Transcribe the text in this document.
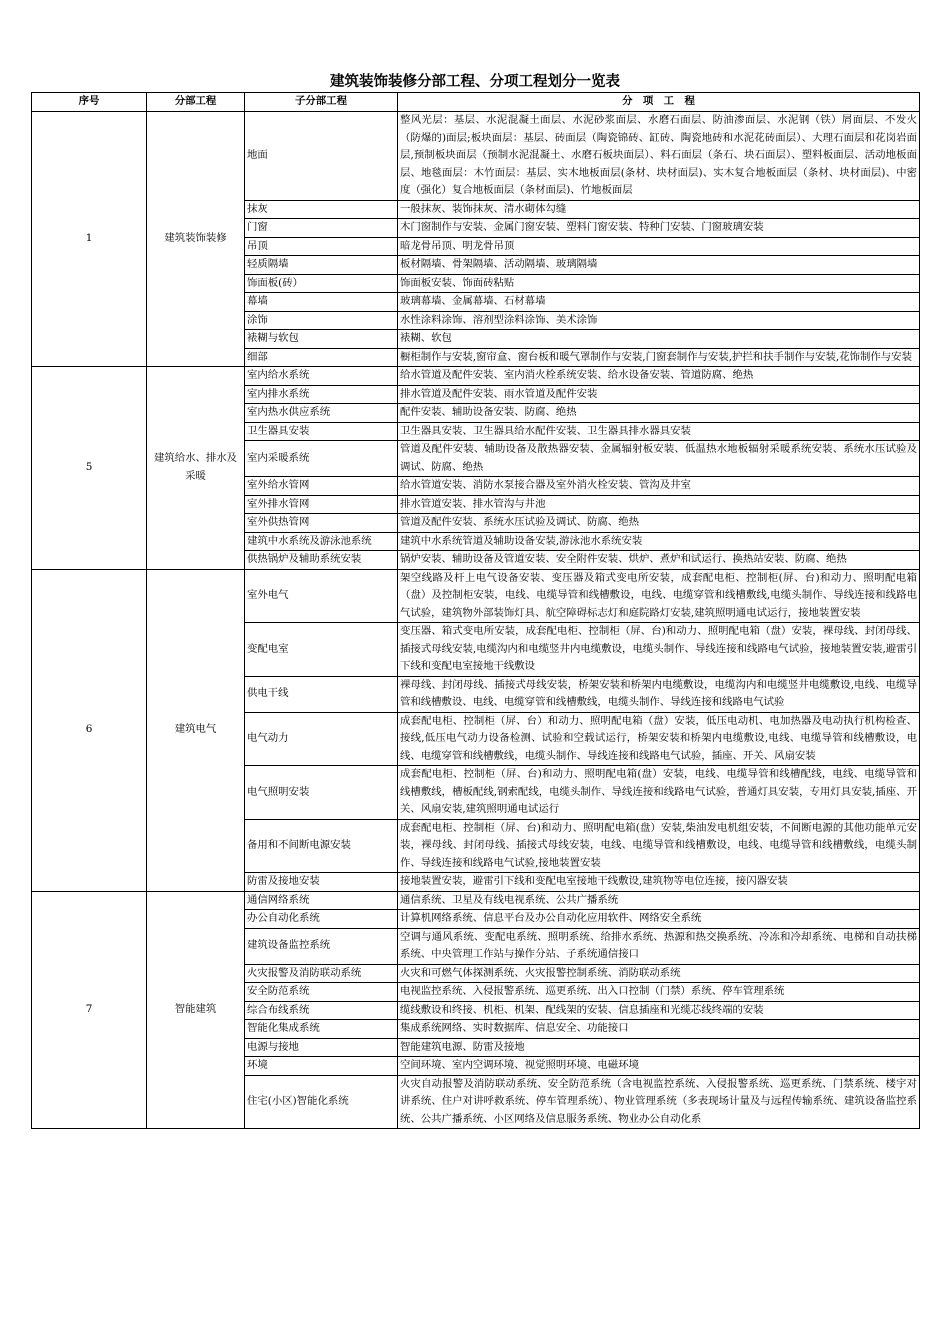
建筑装饰装修分部工程、分项工程划分一览表
序号	分部工程	子分部工程	分　项　工　程
1	建筑装饰装修	地面	整风光层：基层、水泥混凝土面层、水泥砂浆面层、水磨石面层、防油渗面层、水泥钢（铁）屑面层、不发火（防爆的)面层;板块面层：基层、砖面层（陶瓷锦砖、缸砖、陶瓷地砖和水泥花砖面层）、大理石面层和花岗岩面层,预制板块面层（预制水泥混凝土、水磨石板块面层）、料石面层（条石、块石面层）、塑料板面层、活动地板面层、地毯面层：木竹面层：基层、实木地板面层(条材、块材面层)、实木复合地板面层（条材、块材面层)、中密度（强化）复合地板面层（条材面层)、竹地板面层
		抹灰	一般抹灰、装饰抹灰、清水砌体勾缝
		门窗	木门窗制作与安装、金属门窗安装、塑料门窗安装、特种门安装、门窗玻璃安装
		吊顶	暗龙骨吊顶、明龙骨吊顶
		轻质隔墙	板材隔墙、骨架隔墙、活动隔墙、玻璃隔墙
		饰面板(砖）	饰面板安装、饰面砖粘贴
		幕墙	玻璃幕墙、金属幕墙、石材幕墙
		涂饰	水性涂料涂饰、溶剂型涂料涂饰、美术涂饰
		裱糊与软包	裱糊、软包
		细部	橱柜制作与安装,窗帘盒、窗台板和暖气罩制作与安装,门窗套制作与安装,护拦和扶手制作与安装,花饰制作与安装
5	建筑给水、排水及采暖	室内给水系统	给水管道及配件安装、室内消火栓系统安装、给水设备安装、管道防腐、绝热
		室内排水系统	排水管道及配件安装、雨水管道及配件安装
		室内热水供应系统	配件安装、辅助设备安装、防腐、绝热
		卫生器具安装	卫生器具安装、卫生器具给水配件安装、卫生器具排水器具安装
		室内采暖系统	管道及配件安装、辅助设备及散热器安装、金属辐射板安装、低温热水地板辐射采暖系统安装、系统水压试验及调试、防腐、绝热
		室外给水管网	给水管道安装、消防水泵接合器及室外消火栓安装、管沟及井室
		室外排水管网	排水管道安装、排水管沟与井池
		室外供热管网	管道及配件安装、系统水压试验及调试、防腐、绝热
		建筑中水系统及游泳池系统	建筑中水系统管道及辅助设备安装,游泳池水系统安装
		供热锅炉及辅助系统安装	锅炉安装、辅助设备及管道安装、安全附件安装、烘炉、煮炉和试运行、换热站安装、防腐、绝热
6	建筑电气	室外电气	架空线路及杆上电气设备安装、变压器及箱式变电所安装，成套配电柜、控制柜(屏、台)和动力、照明配电箱（盘）及控制柜安装，电线、电缆导管和线槽敷设，电线、电缆穿管和线槽敷线,电缆头制作、导线连接和线路电气试验，建筑物外部装饰灯具、航空障碍标志灯和庭院路灯安装,建筑照明通电试运行，接地装置安装
		变配电室	变压器、箱式变电所安装，成套配电柜、控制柜（屏、台)和动力、照明配电箱（盘）安装，裸母线、封闭母线、插接式母线安装,电缆沟内和电缆竖井内电缆敷设，电缆头制作、导线连接和线路电气试验，接地装置安装,避雷引下线和变配电室接地干线敷设
		供电干线	裸母线、封闭母线、插接式母线安装，桥架安装和桥架内电缆敷设，电缆沟内和电缆竖井电缆敷设,电线、电缆导管和线槽敷设、电线、电缆穿管和线槽敷线，电缆头制作、导线连接和线路电气试验
		电气动力	成套配电柜、控制柜（屏、台）和动力、照明配电箱（盘）安装，低压电动机、电加热器及电动执行机构检查、接线,低压电气动力设备检测、试验和空载试运行，桥架安装和桥架内电缆敷设,电线、电缆导管和线槽敷设，电线、电缆穿管和线槽敷线，电缆头制作、导线连接和线路电气试验，插座、开关、风扇安装
		电气照明安装	成套配电柜、控制柜（屏、台)和动力、照明配电箱(盘）安装，电线、电缆导管和线槽配线，电线、电缆导管和线槽敷线，槽板配线,钢索配线，电缆头制作、导线连接和线路电气试验，普通灯具安装，专用灯具安装,插座、开关、风扇安装,建筑照明通电试运行
		备用和不间断电源安装	成套配电柜、控制柜（屏、台)和动力、照明配电箱(盘）安装,柴油发电机组安装，不间断电源的其他功能单元安装，裸母线、封闭母线、插接式母线安装，电线、电缆导管和线槽敷设，电线、电缆导管和线槽敷线，电缆头制作、导线连接和线路电气试验,接地装置安装
		防雷及接地安装	接地装置安装，避雷引下线和变配电室接地干线敷设,建筑物等电位连接，接闪器安装
7	智能建筑	通信网络系统	通信系统、卫星及有线电视系统、公共广播系统
		办公自动化系统	计算机网络系统、信息平台及办公自动化应用软件、网络安全系统
		建筑设备监控系统	空调与通风系统、变配电系统、照明系统、给排水系统、热源和热交换系统、冷冻和冷却系统、电梯和自动扶梯系统、中央管理工作站与操作分站、子系统通信接口
		火灾报警及消防联动系统	火灾和可燃气体探测系统、火灾报警控制系统、消防联动系统
		安全防范系统	电视监控系统、入侵报警系统、巡更系统、出入口控制（门禁）系统、停车管理系统
		综合布线系统	缆线敷设和终接、机柜、机架、配线架的安装、信息插座和光缆芯线终端的安装
		智能化集成系统	集成系统网络、实时数据库、信息安全、功能接口
		电源与接地	智能建筑电源、防雷及接地
		环境	空间环境、室内空调环境、视觉照明环境、电磁环境
		住宅(小区)智能化系统	火灾自动报警及消防联动系统、安全防范系统（含电视监控系统、入侵报警系统、巡更系统、门禁系统、楼宇对讲系统、住户对讲呼救系统、停车管理系统）、物业管理系统（多表现场计量及与远程传输系统、建筑设备监控系统、公共广播系统、小区网络及信息服务系统、物业办公自动化系
